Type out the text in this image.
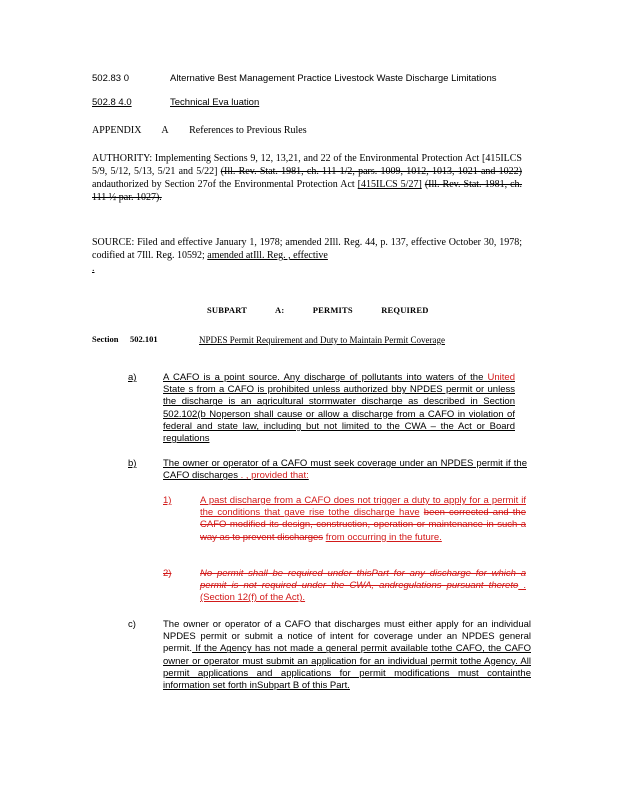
502.83 0	Alternative Best Management Practice Livestock Waste Discharge Limitations
502.8 4.0	Technical Eva luation
APPENDIX A References to Previous Rules
AUTHORITY: Implementing Sections 9, 12, 13,21, and 22 of the Environmental Protection Act [415ILCS 5/9, 5/12, 5/13, 5/21 and 5/22] (Ill. Rev. Stat. 1981, ch. 111 1/2, pars. 1009, 1012, 1013, 1021 and 1022) andauthorized by Section 27of the Environmental Protection Act [415ILCS 5/27] (Ill. Rev. Stat. 1981, ch. 111 ½ par. 1027).
SOURCE: Filed and effective January 1, 1978; amended 2Ill. Reg. 44, p. 137, effective October 30, 1978; codified at 7Ill. Reg. 10592; amended atIll. Reg. , effective
.
SUBPART	A:	PERMITS	REQUIRED
Section	502.101	NPDES Permit Requirement and Duty to Maintain Permit Coverage
a)	A CAFO is a point source. Any discharge of pollutants into waters of the United State s from a CAFO is prohibited unless authorized bby NPDES permit or unless the discharge is an agricultural stormwater discharge as described in Section 502.102(b Noperson shall cause or allow a discharge from a CAFO in violation of federal and state law, including but not limited to the CWA – the Act or Board regulations
b)	The owner or operator of a CAFO must seek coverage under an NPDES permit if the CAFO discharges . , provided that:
1)	A past discharge from a CAFO does not trigger a duty to apply for a permit if the conditions that gave rise tothe discharge have been corrected and the CAFO modified its design, construction, operation or maintenance in such a way as to prevent discharges from occurring in the future.
2)	No permit shall be required under thisPart for any discharge for which a permit is not required under the CWA, andregulations pursuant thereto . (Section 12(f) of the Act).
c)	The owner or operator of a CAFO that discharges must either apply for an individual NPDES permit or submit a notice of intent for coverage under an NPDES general permit. If the Agency has not made a general permit available tothe CAFO, the CAFO owner or operator must submit an application for an individual permit tothe Agency. All permit applications and applications for permit modifications must containthe information set forth inSubpart B of this Part.
